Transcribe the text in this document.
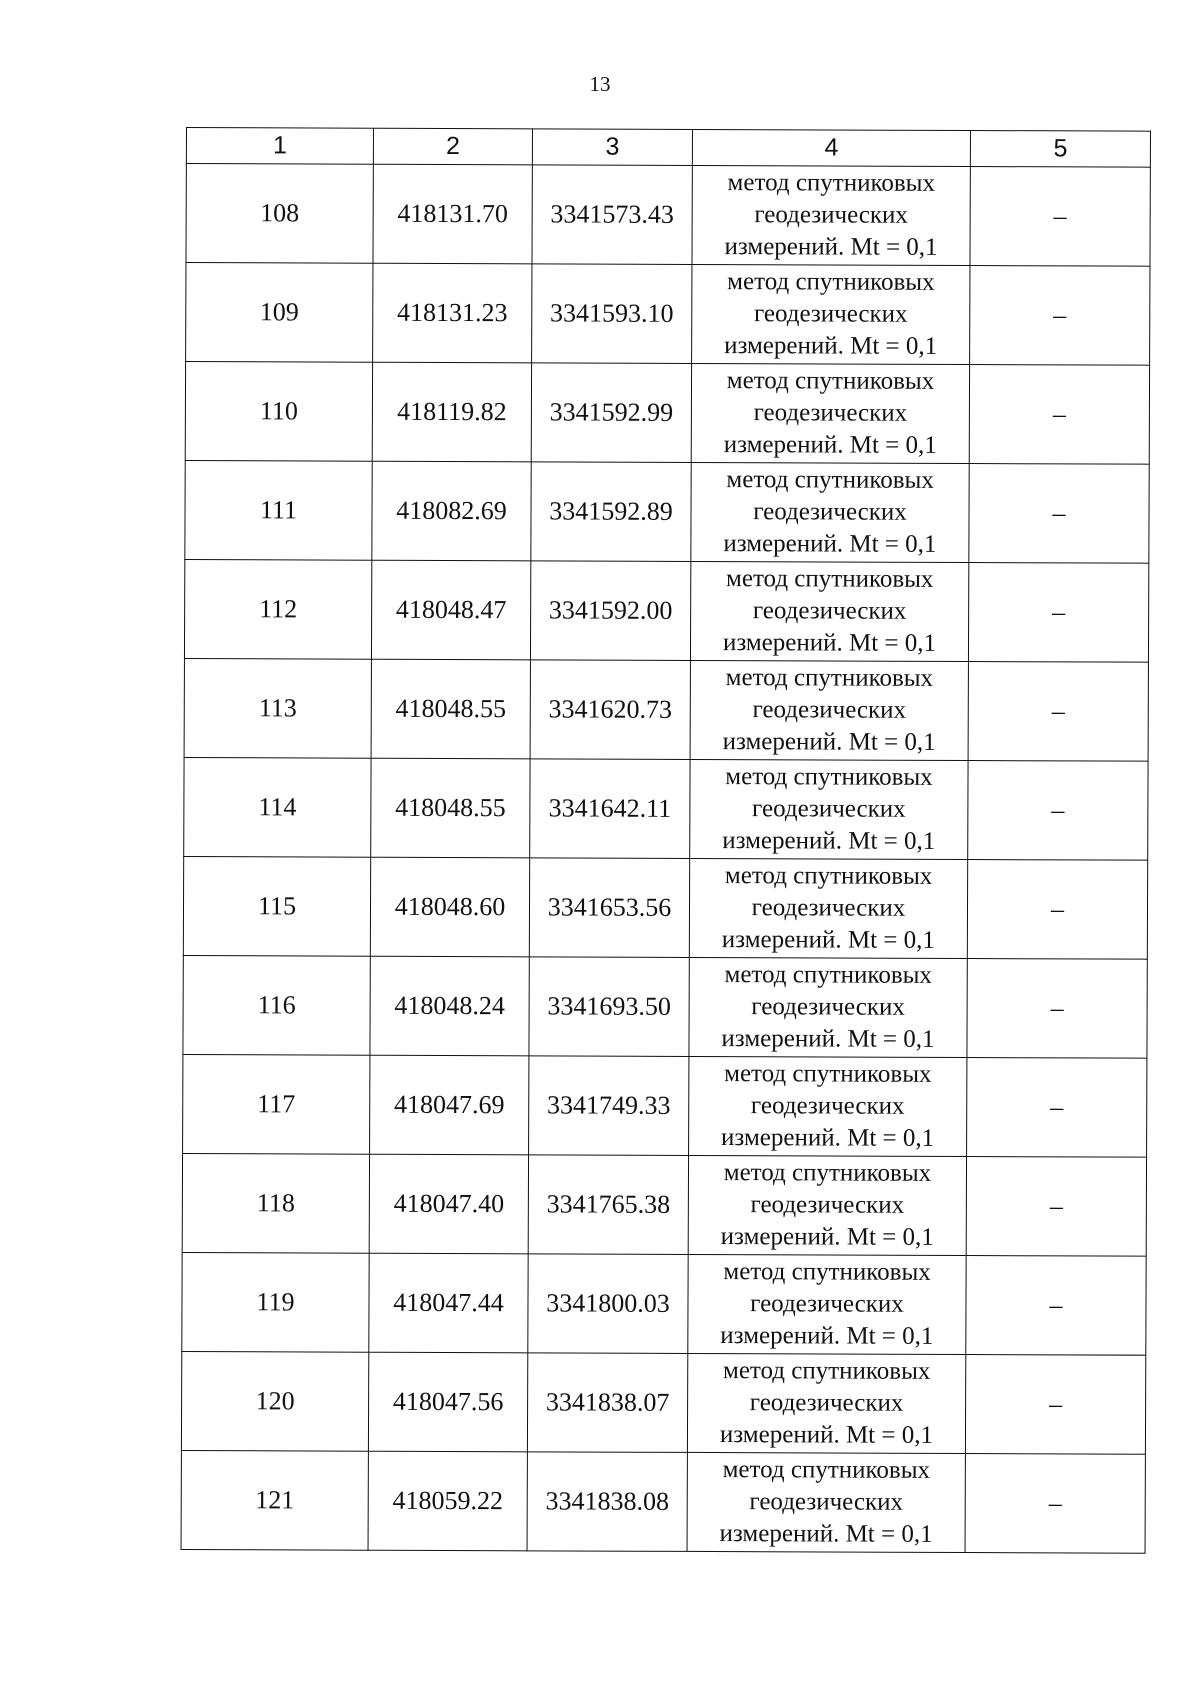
13
1	2	3	4	5
108	418131.70	3341573.43	метод спутниковых
геодезических
измерений. Mt = 0,1	–
109	418131.23	3341593.10	метод спутниковых
геодезических
измерений. Mt = 0,1	–
110	418119.82	3341592.99	метод спутниковых
геодезических
измерений. Mt = 0,1	–
111	418082.69	3341592.89	метод спутниковых
геодезических
измерений. Mt = 0,1	–
112	418048.47	3341592.00	метод спутниковых
геодезических
измерений. Mt = 0,1	–
113	418048.55	3341620.73	метод спутниковых
геодезических
измерений. Mt = 0,1	–
114	418048.55	3341642.11	метод спутниковых
геодезических
измерений. Mt = 0,1	–
115	418048.60	3341653.56	метод спутниковых
геодезических
измерений. Mt = 0,1	–
116	418048.24	3341693.50	метод спутниковых
геодезических
измерений. Mt = 0,1	–
117	418047.69	3341749.33	метод спутниковых
геодезических
измерений. Mt = 0,1	–
118	418047.40	3341765.38	метод спутниковых
геодезических
измерений. Mt = 0,1	–
119	418047.44	3341800.03	метод спутниковых
геодезических
измерений. Mt = 0,1	–
120	418047.56	3341838.07	метод спутниковых
геодезических
измерений. Mt = 0,1	–
121	418059.22	3341838.08	метод спутниковых
геодезических
измерений. Mt = 0,1	–
